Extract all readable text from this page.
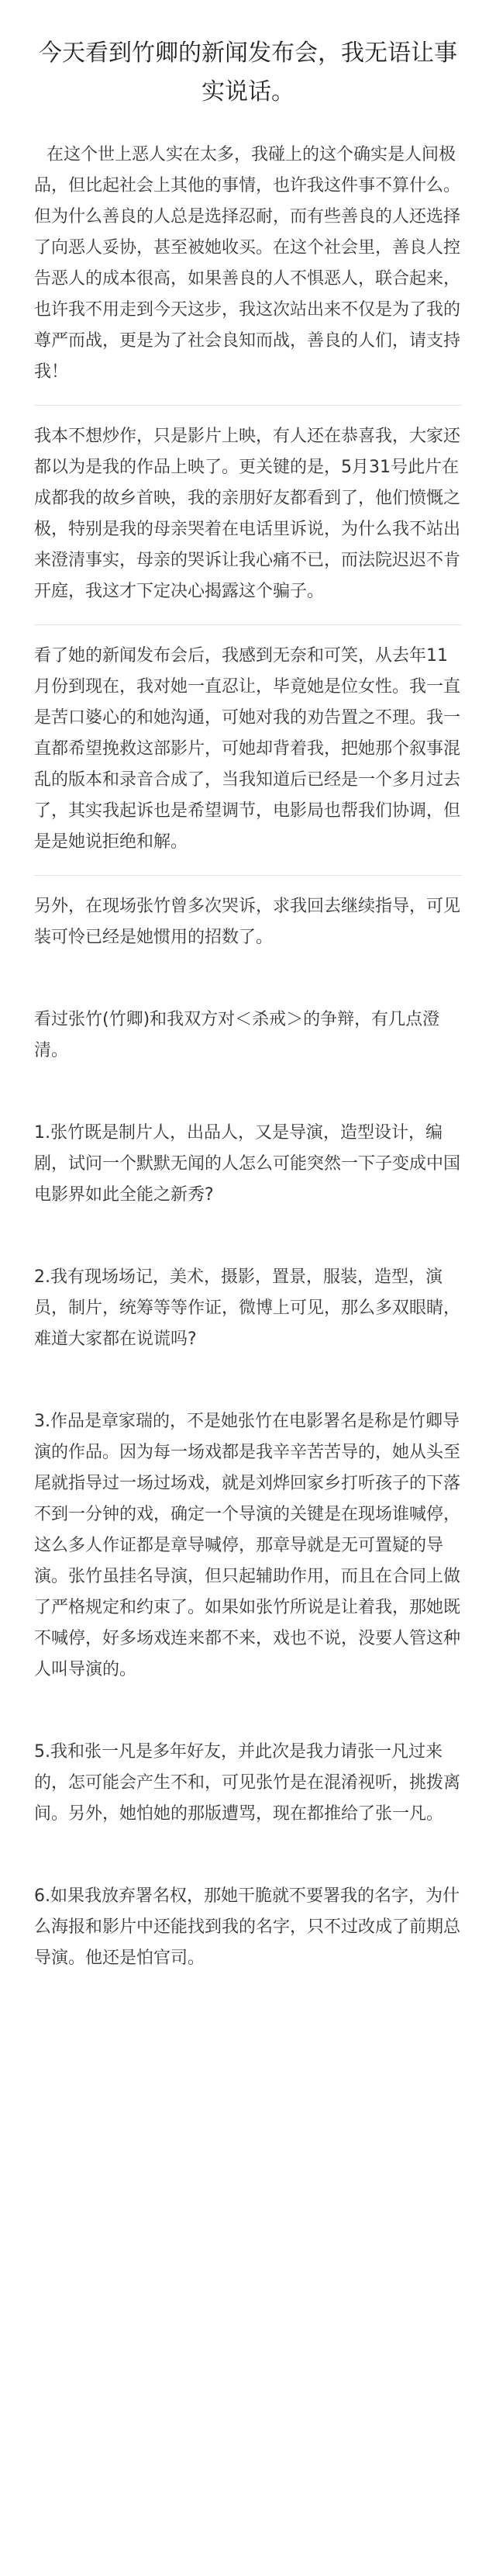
今天看到竹卿的新闻发布会，我无语让事实说话。

在这个世上恶人实在太多，我碰上的这个确实是人间极品，但比起社会上其他的事情，也许我这件事不算什么。但为什么善良的人总是选择忍耐，而有些善良的人还选择了向恶人妥协，甚至被她收买。在这个社会里，善良人控告恶人的成本很高，如果善良的人不惧恶人，联合起来，也许我不用走到今天这步，我这次站出来不仅是为了我的尊严而战，更是为了社会良知而战，善良的人们，请支持我！

我本不想炒作，只是影片上映，有人还在恭喜我，大家还都以为是我的作品上映了。更关键的是，5月31号此片在成都我的故乡首映，我的亲朋好友都看到了，他们愤慨之极，特别是我的母亲哭着在电话里诉说，为什么我不站出来澄清事实，母亲的哭诉让我心痛不已，而法院迟迟不肯开庭，我这才下定决心揭露这个骗子。

看了她的新闻发布会后，我感到无奈和可笑，从去年11月份到现在，我对她一直忍让，毕竟她是位女性。我一直是苦口婆心的和她沟通，可她对我的劝告置之不理。我一直都希望挽救这部影片，可她却背着我，把她那个叙事混乱的版本和录音合成了，当我知道后已经是一个多月过去了，其实我起诉也是希望调节，电影局也帮我们协调，但是是她说拒绝和解。

另外，在现场张竹曾多次哭诉，求我回去继续指导，可见装可怜已经是她惯用的招数了。

看过张竹(竹卿)和我双方对＜杀戒＞的争辩，有几点澄清。

1.张竹既是制片人，出品人，又是导演，造型设计，编剧，试问一个默默无闻的人怎么可能突然一下子变成中国电影界如此全能之新秀?

2.我有现场场记，美术，摄影，置景，服装，造型，演员，制片，统筹等等作证，微博上可见，那么多双眼睛，难道大家都在说谎吗?

3.作品是章家瑞的，不是她张竹在电影署名是称是竹卿导演的作品。因为每一场戏都是我辛辛苦苦导的，她从头至尾就指导过一场过场戏，就是刘烨回家乡打听孩子的下落不到一分钟的戏，确定一个导演的关键是在现场谁喊停，这么多人作证都是章导喊停，那章导就是无可置疑的导演。张竹虽挂名导演，但只起辅助作用，而且在合同上做了严格规定和约束了。如果如张竹所说是让着我，那她既不喊停，好多场戏连来都不来，戏也不说，没要人管这种人叫导演的。

5.我和张一凡是多年好友，并此次是我力请张一凡过来的，怎可能会产生不和，可见张竹是在混淆视听，挑拨离间。另外，她怕她的那版遭骂，现在都推给了张一凡。

6.如果我放弃署名权，那她干脆就不要署我的名字，为什么海报和影片中还能找到我的名字，只不过改成了前期总导演。他还是怕官司。
